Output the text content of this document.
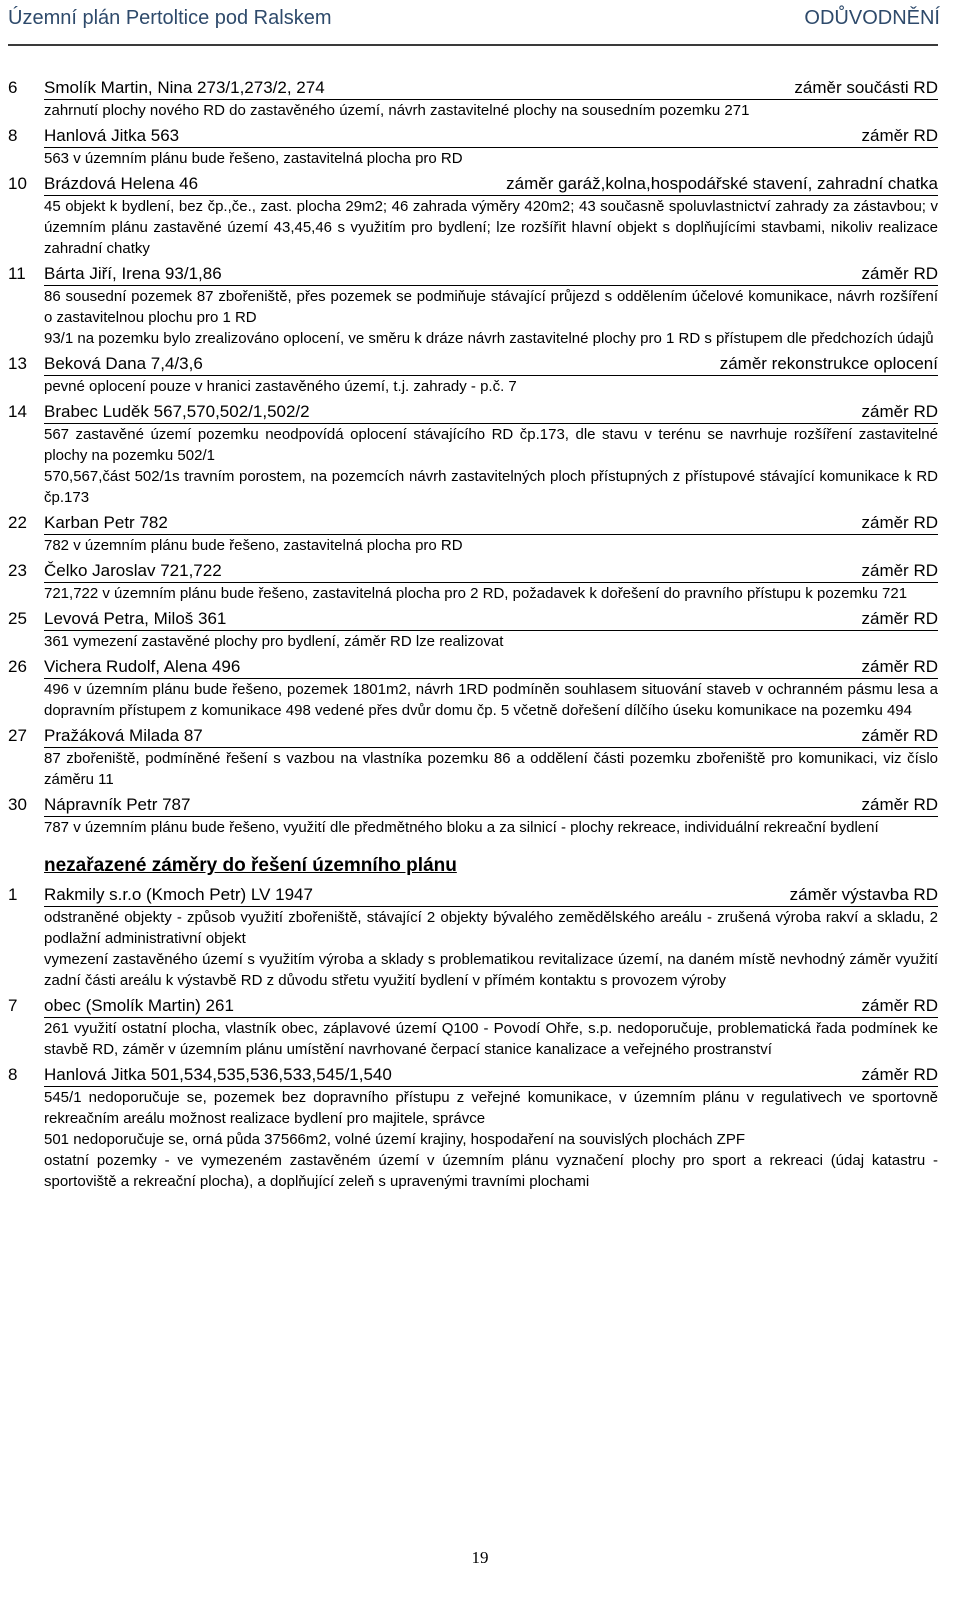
Územní plán Pertoltice pod Ralskem	ODŮVODNĚNÍ
6	Smolík Martin, Nina 273/1,273/2, 274	záměr součásti RD

zahrnutí plochy nového RD do zastavěného území, návrh zastavitelné plochy na sousedním pozemku 271

8	Hanlová Jitka 563	záměr RD

563 v územním plánu bude řešeno, zastavitelná plocha pro RD

10	Brázdová Helena 46	záměr garáž,kolna,hospodářské stavení, zahradní chatka

45 objekt k bydlení, bez čp.,če., zast. plocha 29m2; 46 zahrada výměry 420m2; 43 současně spoluvlastnictví zahrady za zástavbou; v územním plánu zastavěné území 43,45,46 s využitím pro bydlení; lze rozšířit hlavní objekt s doplňujícími stavbami, nikoliv realizace zahradní chatky

11	Bárta Jiří, Irena 93/1,86	záměr RD

86 sousední pozemek 87 zbořeniště, přes pozemek se podmiňuje stávající průjezd s oddělením účelové komunikace, návrh rozšíření o zastavitelnou plochu pro 1 RD

93/1 na pozemku bylo zrealizováno oplocení, ve směru k dráze návrh zastavitelné plochy pro 1 RD s přístupem dle předchozích údajů

13	Beková Dana 7,4/3,6	záměr rekonstrukce oplocení

pevné oplocení pouze v hranici zastavěného území, t.j. zahrady - p.č. 7

14	Brabec Luděk 567,570,502/1,502/2	záměr RD

567 zastavěné území pozemku neodpovídá oplocení stávajícího RD čp.173, dle stavu v terénu se navrhuje rozšíření zastavitelné plochy na pozemku 502/1

570,567,část 502/1s travním porostem, na pozemcích návrh zastavitelných ploch přístupných z přístupové stávající komunikace k RD čp.173

22	Karban Petr 782	záměr RD

782 v územním plánu bude řešeno, zastavitelná plocha pro RD

23	Čelko Jaroslav 721,722	záměr RD

721,722 v územním plánu bude řešeno, zastavitelná plocha pro 2 RD, požadavek k dořešení do pravního přístupu k pozemku 721

25	Levová Petra, Miloš 361	záměr RD

361 vymezení zastavěné plochy pro bydlení, záměr RD lze realizovat

26	Vichera Rudolf, Alena 496	záměr RD

496 v územním plánu bude řešeno, pozemek 1801m2, návrh 1RD podmíněn souhlasem situování staveb v ochranném pásmu lesa a dopravním přístupem z komunikace 498 vedené přes dvůr domu čp. 5 včetně dořešení dílčího úseku komunikace na pozemku 494

27	Pražáková Milada 87	záměr RD

87 zbořeniště, podmíněné řešení s vazbou na vlastníka pozemku 86 a oddělení části pozemku zbořeniště pro komunikaci, viz číslo záměru 11

30	Nápravník Petr 787	záměr RD

787 v územním plánu bude řešeno, využití dle předmětného bloku a za silnicí - plochy rekreace, individuální rekreační bydlení

nezařazené záměry do řešení územního plánu
1	Rakmily s.r.o (Kmoch Petr) LV 1947	záměr výstavba RD

odstraněné objekty - způsob využití zbořeniště, stávající 2 objekty bývalého zemědělského areálu - zrušená výroba rakví a skladu, 2 podlažní administrativní objekt

vymezení zastavěného území s využitím výroba a sklady s problematikou revitalizace území, na daném místě nevhodný záměr využití zadní části areálu k výstavbě RD z důvodu střetu využití bydlení v přímém kontaktu s provozem výroby

7	obec (Smolík Martin) 261	záměr RD

261 využití ostatní plocha, vlastník obec, záplavové území Q100 - Povodí Ohře, s.p. nedoporučuje, problematická řada podmínek ke stavbě RD, záměr v územním plánu umístění navrhované čerpací stanice kanalizace a veřejného prostranství

8	Hanlová Jitka 501,534,535,536,533,545/1,540	záměr RD

545/1 nedoporučuje se, pozemek bez dopravního přístupu z veřejné komunikace, v územním plánu v regulativech ve sportovně rekreačním areálu možnost realizace bydlení pro majitele, správce

501 nedoporučuje se, orná půda 37566m2, volné území krajiny, hospodaření na souvislých plochách ZPF

ostatní pozemky - ve vymezeném zastavěném území v územním plánu vyznačení plochy pro sport a rekreaci (údaj katastru - sportoviště a rekreační plocha), a doplňující zeleň s upravenými travními plochami

19
